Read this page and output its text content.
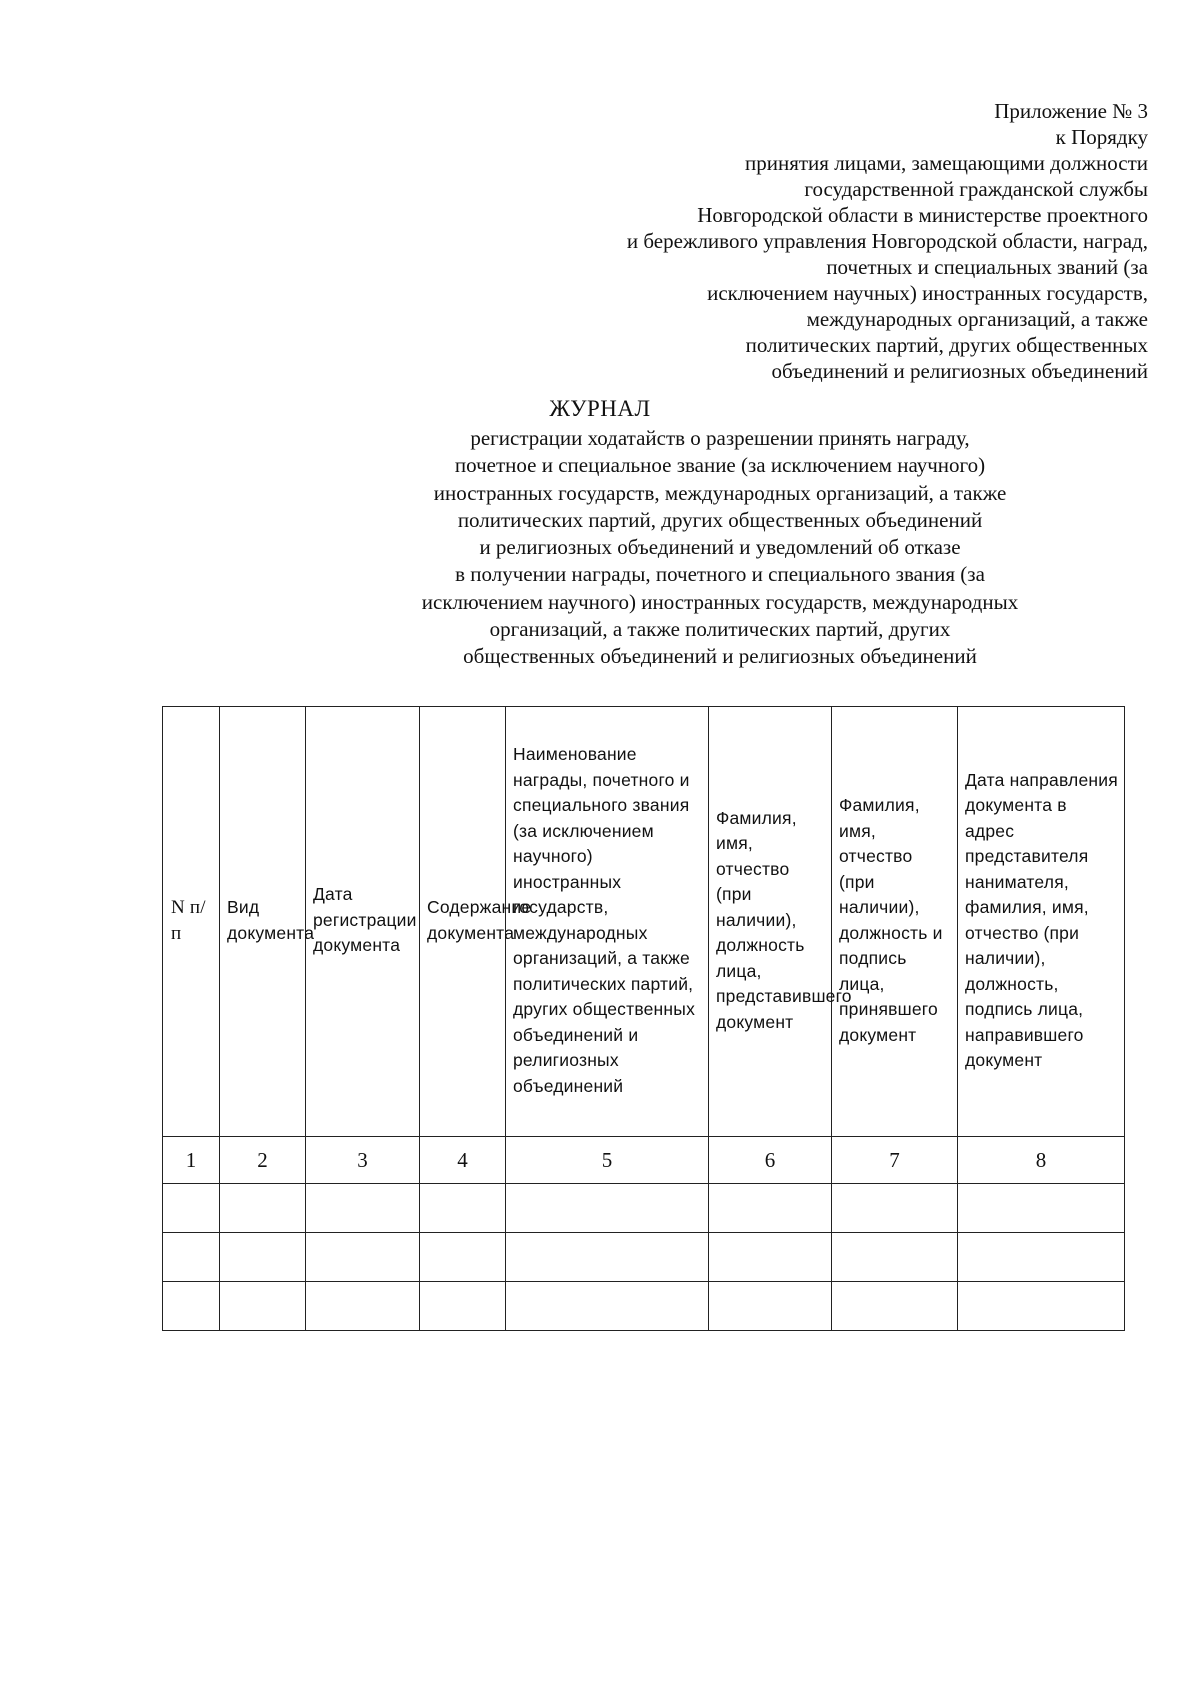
Приложение № 3
к Порядку
принятия лицами, замещающими должности
государственной гражданской службы
Новгородской области в министерстве проектного
и бережливого управления Новгородской области, наград,
почетных и специальных званий (за
исключением научных) иностранных государств,
международных организаций, а также
политических партий, других общественных
объединений и религиозных объединений
ЖУРНАЛ
регистрации ходатайств о разрешении принять награду,
почетное и специальное звание (за исключением научного)
иностранных государств, международных организаций, а также
политических партий, других общественных объединений
и религиозных объединений и уведомлений об отказе
в получении награды, почетного и специального звания (за
исключением научного) иностранных государств, международных
организаций, а также политических партий, других
общественных объединений и религиозных объединений
N п/п	Вид документа	Дата регистрации документа	Содержание документа	Наименование награды, почетного и специального звания (за исключением научного) иностранных государств, международных организаций, а также политических партий, других общественных объединений и религиозных объединений	Фамилия, имя, отчество (при наличии), должность лица, представившего документ	Фамилия, имя, отчество (при наличии), должность и подпись лица, принявшего документ	Дата направления документа в адрес представителя нанимателя, фамилия, имя, отчество (при наличии), должность, подпись лица, направившего документ
1	2	3	4	5	6	7	8
